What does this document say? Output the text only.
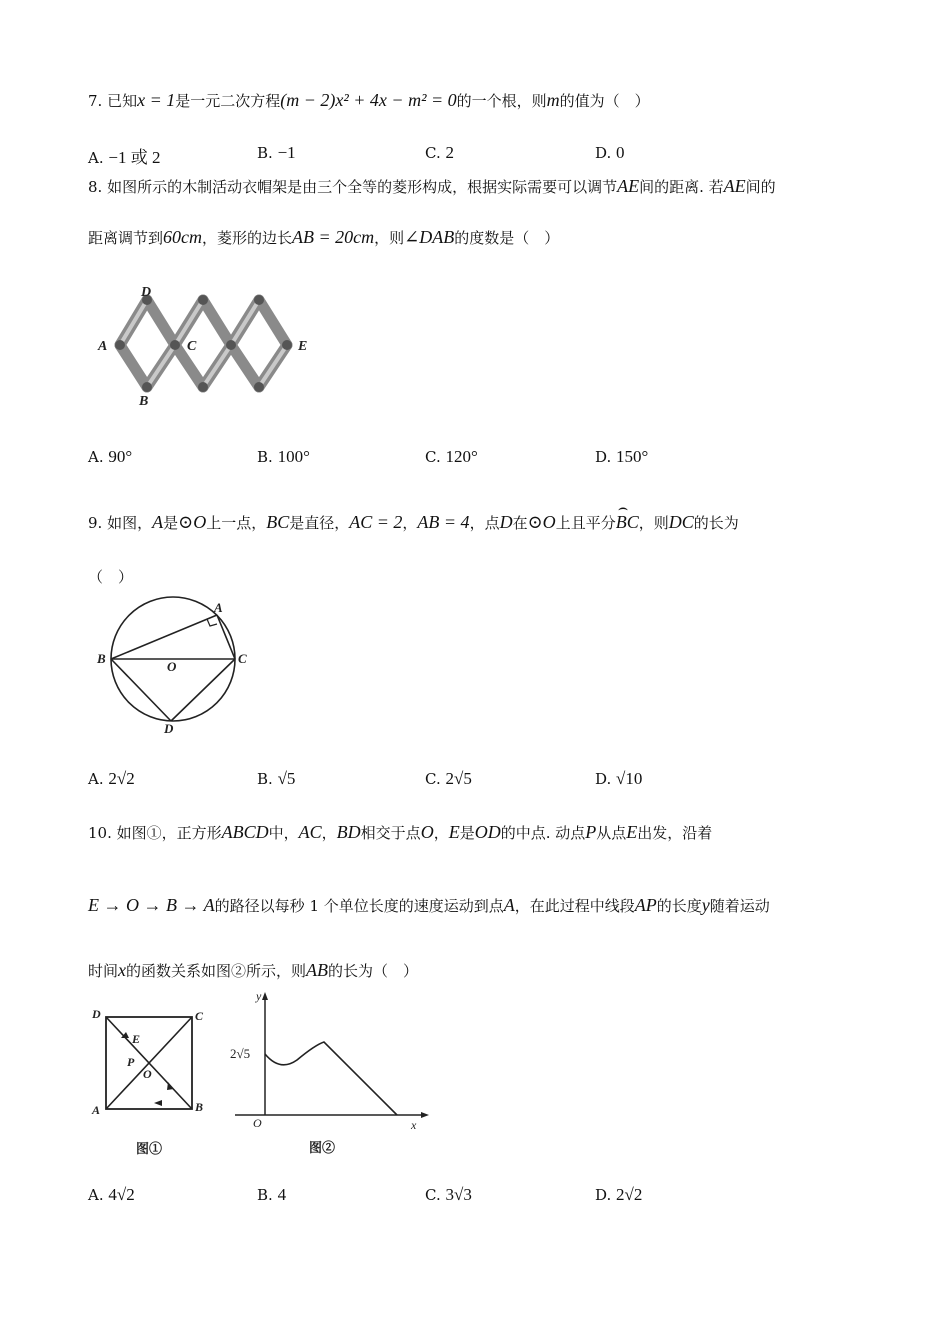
7. 已知x = 1是一元二次方程(m − 2)x² + 4x − m² = 0的一个根，则m的值为（　）
A. −1 或 2	B. −1	C. 2	D. 0
8. 如图所示的木制活动衣帽架是由三个全等的菱形构成，根据实际需要可以调节AE间的距离. 若AE间的
距离调节到60cm，菱形的边长AB = 20cm，则∠DAB的度数是（　）
A
D
C	E
B
A. 90°	B. 100°	C. 120°	D. 150°
9. 如图，A是⊙O上一点，BC是直径，AC = 2，AB = 4，点D在⊙O上且平分
⌢
BC，则DC的长为
（　）
B	C
A
O
D
A. 2√2	B. √5	C. 2√5	D. √10
10. 如图①，正方形ABCD中，AC，BD相交于点O，E是OD的中点. 动点P从点E出发，沿着
E → O → B → A的路径以每秒 1 个单位长度的速度运动到点A，在此过程中线段AP的长度y随着运动
时间x的函数关系如图②所示，则AB的长为（　）
D	C
A	B
E
P
O
图①
y
x
O
2√5
图②
A. 4√2	B. 4	C. 3√3	D. 2√2
